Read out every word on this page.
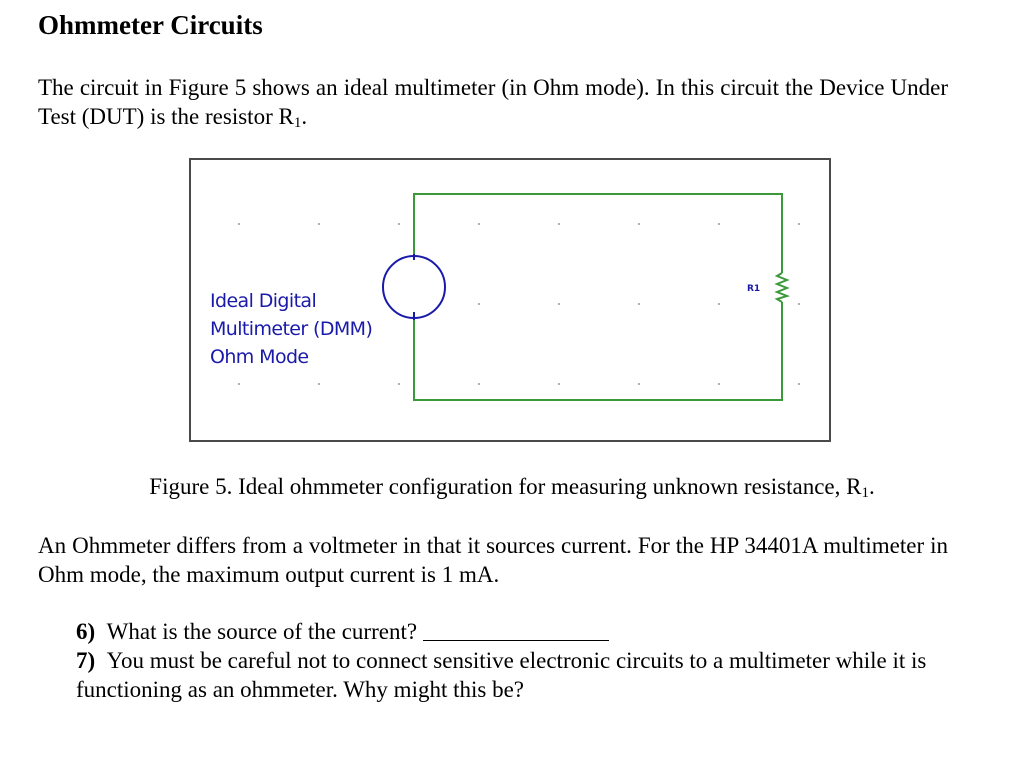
Ohmmeter Circuits

The circuit in Figure 5 shows an ideal multimeter (in Ohm mode). In this circuit the Device Under Test (DUT) is the resistor $R_1$.

Ideal Digital
Multimeter (DMM)
Ohm Mode
R1
Figure 5. Ideal ohmmeter configuration for measuring unknown resistance, $R_1$.

An Ohmmeter differs from a voltmeter in that it sources current. For the HP 34401A multimeter in Ohm mode, the maximum output current is 1 mA.

6) What is the source of the current?
7) You must be careful not to connect sensitive electronic circuits to a multimeter while it is functioning as an ohmmeter. Why might this be?
